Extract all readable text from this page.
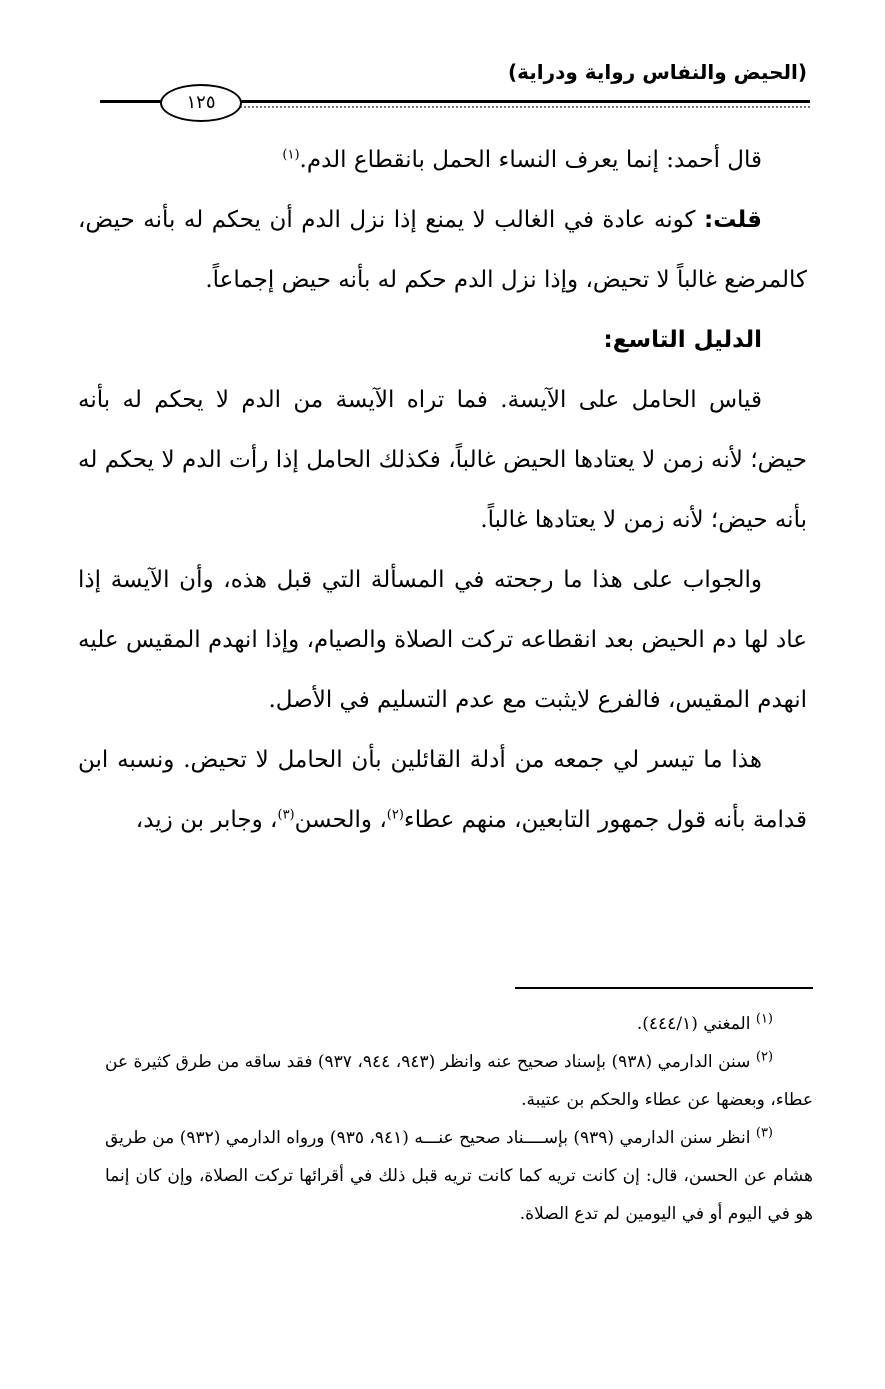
(الحيض والنفاس رواية ودراية)
١٢٥

قال أحمد: إنما يعرف النساء الحمل بانقطاع الدم.$^{(١)}$

قلت: كونه عادة في الغالب لا يمنع إذا نزل الدم أن يحكم له بأنه حيض، كالمرضع غالباً لا تحيض، وإذا نزل الدم حكم له بأنه حيض إجماعاً.

الدليل التاسع:

قياس الحامل على الآيسة. فما تراه الآيسة من الدم لا يحكم له بأنه حيض؛ لأنه زمن لا يعتادها الحيض غالباً، فكذلك الحامل إذا رأت الدم لا يحكم له بأنه حيض؛ لأنه زمن لا يعتادها غالباً.

والجواب على هذا ما رجحته في المسألة التي قبل هذه، وأن الآيسة إذا عاد لها دم الحيض بعد انقطاعه تركت الصلاة والصيام، وإذا انهدم المقيس عليه انهدم المقيس، فالفرع لايثبت مع عدم التسليم في الأصل.

هذا ما تيسر لي جمعه من أدلة القائلين بأن الحامل لا تحيض. ونسبه ابن قدامة بأنه قول جمهور التابعين، منهم عطاء$^{(٢)}$، والحسن$^{(٣)}$، وجابر بن زيد،

$^{(١)}$ المغني (٤٤٤/١).

$^{(٢)}$ سنن الدارمي (٩٣٨) بإسناد صحيح عنه وانظر (٩٤٣، ٩٤٤، ٩٣٧) فقد ساقه من طرق كثيرة عن عطاء، وبعضها عن عطاء والحكم بن عتيبة.

$^{(٣)}$ انظر سنن الدارمي (٩٣٩) بإســــناد صحيح عنـــه (٩٤١، ٩٣٥) ورواه الدارمي (٩٣٢) من طريق هشام عن الحسن، قال: إن كانت تريه كما كانت تريه قبل ذلك في أقرائها تركت الصلاة، وإن كان إنما هو في اليوم أو في اليومين لم تدع الصلاة.
